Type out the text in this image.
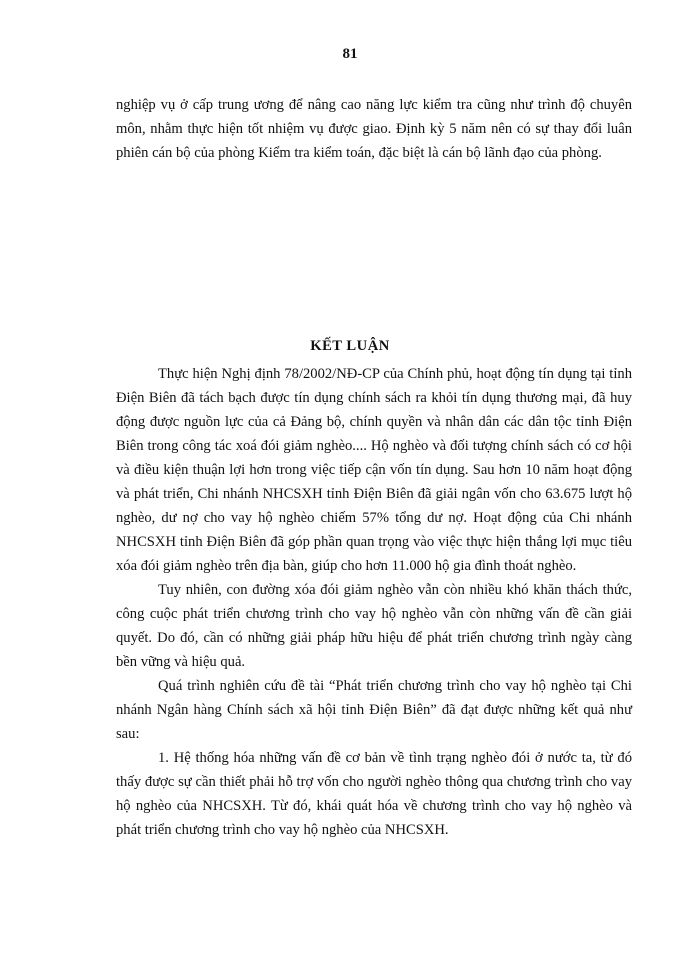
81

nghiệp vụ ở cấp trung ương để nâng cao năng lực kiểm tra cũng như trình độ chuyên môn, nhằm thực hiện tốt nhiệm vụ được giao. Định kỳ 5 năm nên có sự thay đổi luân phiên cán bộ của phòng Kiểm tra kiểm toán, đặc biệt là cán bộ lãnh đạo của phòng.

KẾT LUẬN

Thực hiện Nghị định 78/2002/NĐ-CP của Chính phủ, hoạt động tín dụng tại tỉnh Điện Biên đã tách bạch được tín dụng chính sách ra khỏi tín dụng thương mại, đã huy động được nguồn lực của cả Đảng bộ, chính quyền và nhân dân các dân tộc tỉnh Điện Biên trong công tác xoá đói giảm nghèo.... Hộ nghèo và đối tượng chính sách có cơ hội và điều kiện thuận lợi hơn trong việc tiếp cận vốn tín dụng. Sau hơn 10 năm hoạt động và phát triển, Chi nhánh NHCSXH tỉnh Điện Biên đã giải ngân vốn cho 63.675 lượt hộ nghèo, dư nợ cho vay hộ nghèo chiếm 57% tổng dư nợ. Hoạt động của Chi nhánh NHCSXH tỉnh Điện Biên đã góp phần quan trọng vào việc thực hiện thắng lợi mục tiêu xóa đói giảm nghèo trên địa bàn, giúp cho hơn 11.000 hộ gia đình thoát nghèo.

Tuy nhiên, con đường xóa đói giảm nghèo vẫn còn nhiều khó khăn thách thức, công cuộc phát triển chương trình cho vay hộ nghèo vẫn còn những vấn đề cần giải quyết. Do đó, cần có những giải pháp hữu hiệu để phát triển chương trình ngày càng bền vững và hiệu quả.

Quá trình nghiên cứu đề tài “Phát triển chương trình cho vay hộ nghèo tại Chi nhánh Ngân hàng Chính sách xã hội tỉnh Điện Biên” đã đạt được những kết quả như sau:

1. Hệ thống hóa những vấn đề cơ bản về tình trạng nghèo đói ở nước ta, từ đó thấy được sự cần thiết phải hỗ trợ vốn cho người nghèo thông qua chương trình cho vay hộ nghèo của NHCSXH. Từ đó, khái quát hóa về chương trình cho vay hộ nghèo và phát triển chương trình cho vay hộ nghèo của NHCSXH.
